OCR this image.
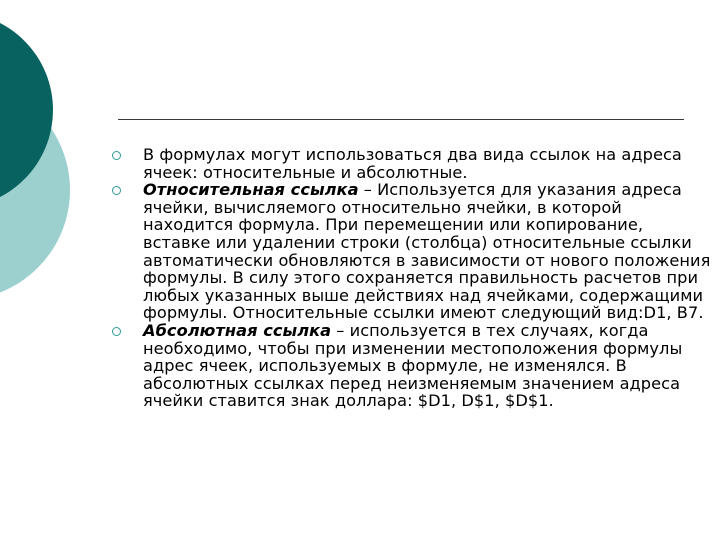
В формулах могут использоваться два вида ссылок на адреса ячеек: относительные и абсолютные.
Относительная ссылка – Используется для указания адреса ячейки, вычисляемого относительно ячейки, в которой находится формула. При перемещении или копирование, вставке или удалении строки (столбца) относительные ссылки автоматически обновляются в зависимости от нового положения формулы. В силу этого сохраняется правильность расчетов при любых указанных выше действиях над ячейками, содержащими формулы. Относительные ссылки имеют следующий вид:D1, B7.
Абсолютная ссылка – используется в тех случаях, когда необходимо, чтобы при изменении местоположения формулы адрес ячеек, используемых в формуле, не изменялся. В абсолютных ссылках перед неизменяемым значением адреса ячейки ставится знак доллара: $D1, D$1, $D$1.
